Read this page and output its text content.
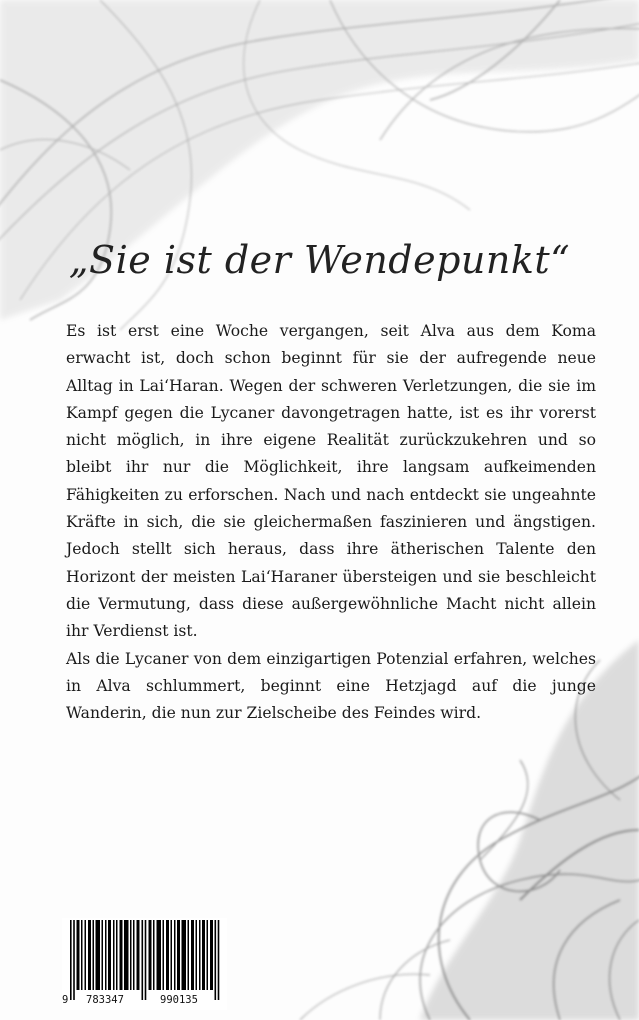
„Sie ist der Wendepunkt“

Es ist erst eine Woche vergangen, seit Alva aus dem Koma erwacht ist, doch schon beginnt für sie der aufregende neue Alltag in Lai‘Haran. Wegen der schweren Verletzungen, die sie im Kampf gegen die Lycaner davongetragen hatte, ist es ihr vorerst nicht möglich, in ihre eigene Realität zurückzukehren und so bleibt ihr nur die Möglichkeit, ihre langsam aufkeimenden Fähigkeiten zu erforschen. Nach und nach entdeckt sie ungeahnte Kräfte in sich, die sie gleichermaßen faszinieren und ängstigen. Jedoch stellt sich heraus, dass ihre ätherischen Talente den Horizont der meisten Lai‘Haraner übersteigen und sie beschleicht die Vermutung, dass diese außergewöhnliche Macht nicht allein ihr Verdienst ist.

Als die Lycaner von dem einzigartigen Potenzial erfahren, welches in Alva schlummert, beginnt eine Hetzjagd auf die junge Wanderin, die nun zur Zielscheibe des Feindes wird.

9 783347	990135
